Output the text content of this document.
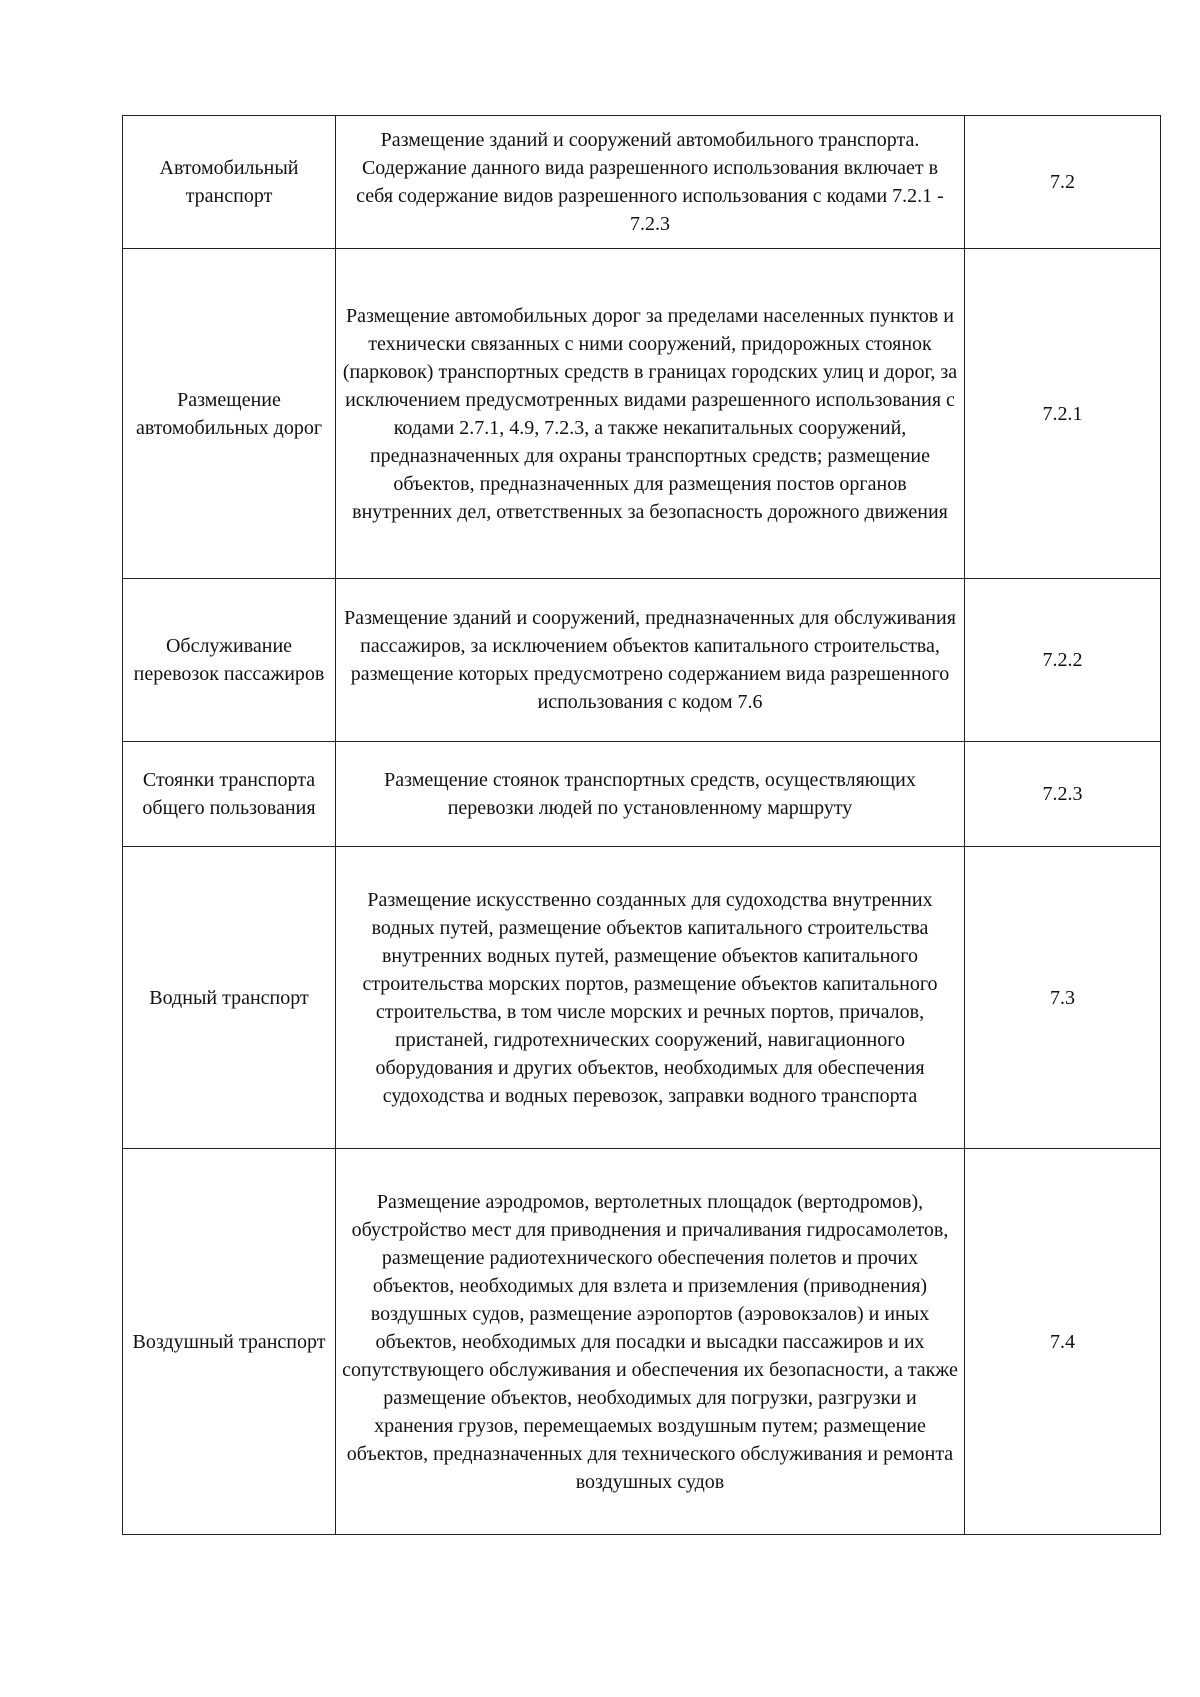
Автомобильный транспорт	Размещение зданий и сооружений автомобильного транспорта. Содержание данного вида разрешенного использования включает в себя содержание видов разрешенного использования с кодами 7.2.1 - 7.2.3	7.2
Размещение автомобильных дорог	Размещение автомобильных дорог за пределами населенных пунктов и технически связанных с ними сооружений, придорожных стоянок (парковок) транспортных средств в границах городских улиц и дорог, за исключением предусмотренных видами разрешенного использования с кодами 2.7.1, 4.9, 7.2.3, а также некапитальных сооружений, предназначенных для охраны транспортных средств; размещение объектов, предназначенных для размещения постов органов внутренних дел, ответственных за безопасность дорожного движения	7.2.1
Обслуживание перевозок пассажиров	Размещение зданий и сооружений, предназначенных для обслуживания пассажиров, за исключением объектов капитального строительства, размещение которых предусмотрено содержанием вида разрешенного использования с кодом 7.6	7.2.2
Стоянки транспорта общего пользования	Размещение стоянок транспортных средств, осуществляющих перевозки людей по установленному маршруту	7.2.3
Водный транспорт	Размещение искусственно созданных для судоходства внутренних водных путей, размещение объектов капитального строительства внутренних водных путей, размещение объектов капитального строительства морских портов, размещение объектов капитального строительства, в том числе морских и речных портов, причалов, пристаней, гидротехнических сооружений, навигационного оборудования и других объектов, необходимых для обеспечения судоходства и водных перевозок, заправки водного транспорта	7.3
Воздушный транспорт	Размещение аэродромов, вертолетных площадок (вертодромов), обустройство мест для приводнения и причаливания гидросамолетов, размещение радиотехнического обеспечения полетов и прочих объектов, необходимых для взлета и приземления (приводнения) воздушных судов, размещение аэропортов (аэровокзалов) и иных объектов, необходимых для посадки и высадки пассажиров и их сопутствующего обслуживания и обеспечения их безопасности, а также размещение объектов, необходимых для погрузки, разгрузки и хранения грузов, перемещаемых воздушным путем; размещение объектов, предназначенных для технического обслуживания и ремонта воздушных судов	7.4
